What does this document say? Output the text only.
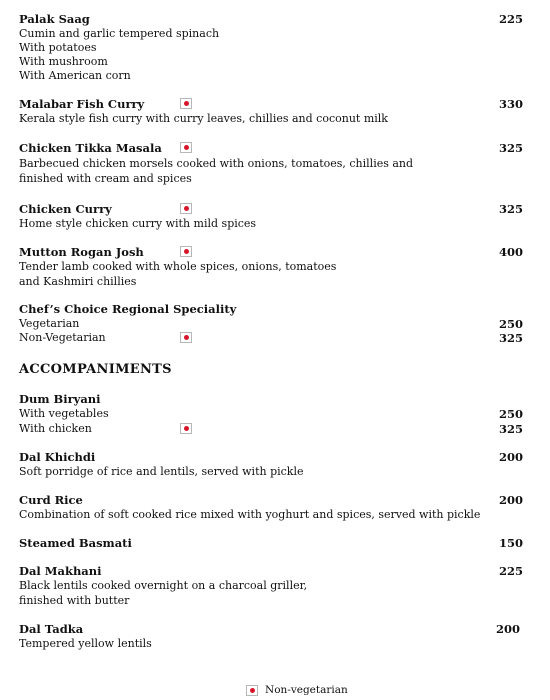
Palak Saag	225
Cumin and garlic tempered spinach
With potatoes
With mushroom
With American corn
Malabar Fish Curry	330
Kerala style fish curry with curry leaves, chillies and coconut milk
Chicken Tikka Masala	325
Barbecued chicken morsels cooked with onions, tomatoes, chillies and
finished with cream and spices
Chicken Curry	325
Home style chicken curry with mild spices
Mutton Rogan Josh	400
Tender lamb cooked with whole spices, onions, tomatoes
and Kashmiri chillies
Chef’s Choice Regional Speciality
Vegetarian	250
Non-Vegetarian	325
ACCOMPANIMENTS
Dum Biryani
With vegetables	250
With chicken	325
Dal Khichdi	200
Soft porridge of rice and lentils, served with pickle
Curd Rice	200
Combination of soft cooked rice mixed with yoghurt and spices, served with pickle
Steamed Basmati	150
Dal Makhani	225
Black lentils cooked overnight on a charcoal griller,
finished with butter
Dal Tadka	200
Tempered yellow lentils
Non-vegetarian
